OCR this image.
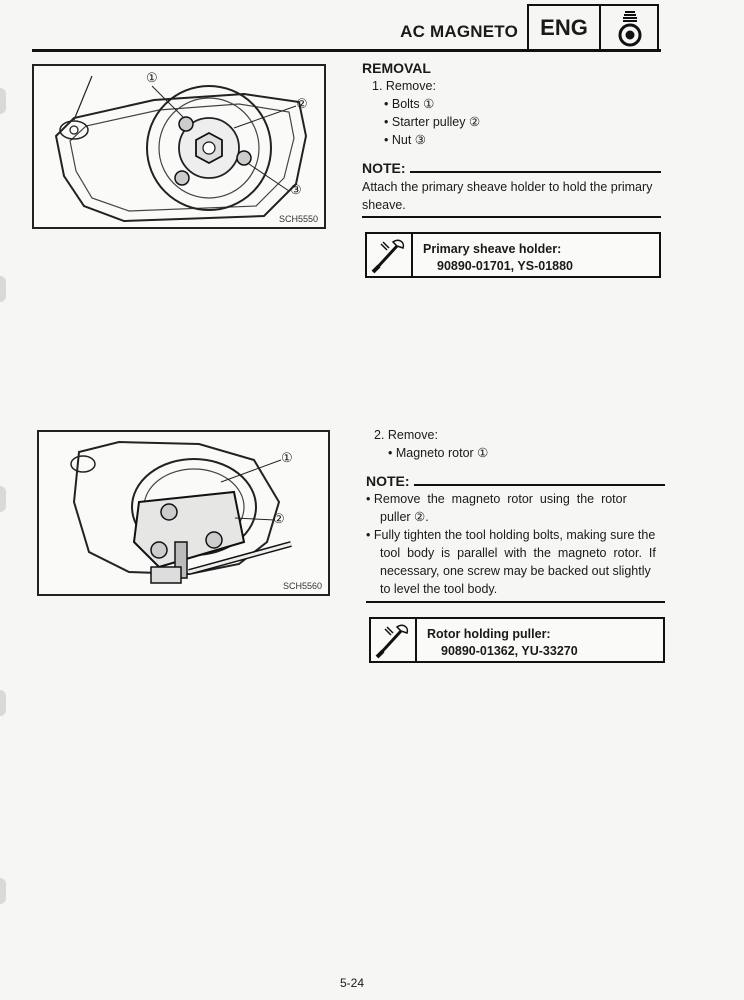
AC MAGNETO	ENG
①
②
③
SCH5550
REMOVAL
1. Remove:
• Bolts ①
• Starter pulley ②
• Nut ③
NOTE:
Attach the primary sheave holder to hold the primary
sheave.
Primary sheave holder:
90890-01701, YS-01880
①
②
SCH5560
2. Remove:
• Magneto rotor ①
NOTE:
• Remove  the  magneto  rotor  using  the  rotor
puller ②.
• Fully tighten the tool holding bolts, making sure the
tool  body  is  parallel  with  the  magneto  rotor.  If
necessary, one screw may be backed out slightly
to level the tool body.
Rotor holding puller:
90890-01362, YU-33270
5-24
